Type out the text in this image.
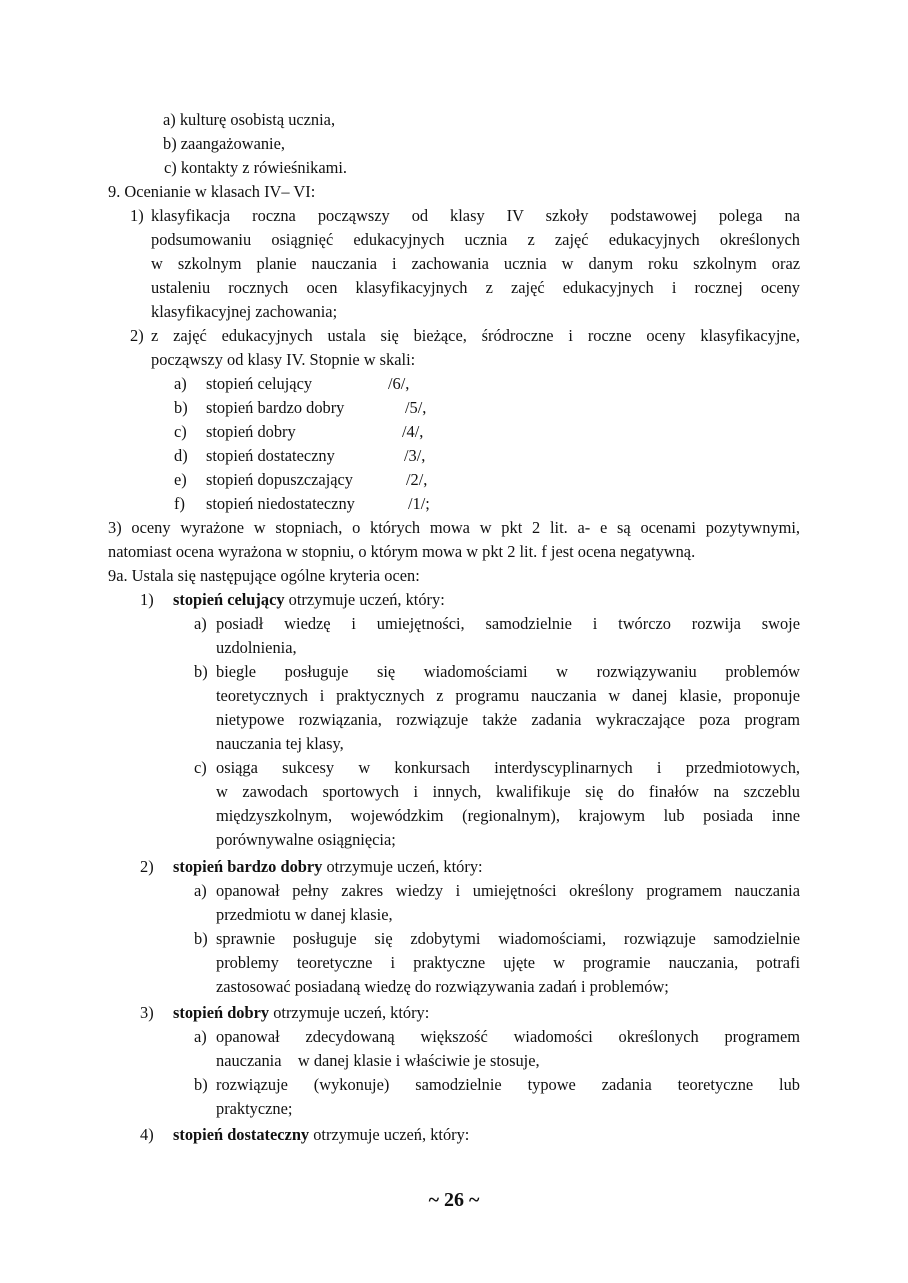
a) kulturę osobistą ucznia,
b) zaangażowanie,
c) kontakty z rówieśnikami.
9. Ocenianie w klasach IV– VI:
1) klasyfikacja roczna począwszy od klasy IV szkoły podstawowej polega na
podsumowaniu osiągnięć edukacyjnych ucznia z zajęć edukacyjnych określonych
w szkolnym planie nauczania i zachowania ucznia w danym roku szkolnym oraz
ustaleniu rocznych ocen klasyfikacyjnych z zajęć edukacyjnych i rocznej oceny
klasyfikacyjnej zachowania;
2) z zajęć edukacyjnych ustala się bieżące, śródroczne i roczne oceny klasyfikacyjne,
począwszy od klasy IV. Stopnie w skali:
a) stopień celujący	/6/,
b) stopień bardzo dobry	/5/,
c) stopień dobry	/4/,
d) stopień dostateczny	/3/,
e) stopień dopuszczający	/2/,
f) stopień niedostateczny	/1/;
3) oceny wyrażone w stopniach, o których mowa w pkt 2 lit. a- e są ocenami pozytywnymi,
natomiast ocena wyrażona w stopniu, o którym mowa w pkt 2 lit. f jest ocena negatywną.
9a. Ustala się następujące ogólne kryteria ocen:
1) stopień celujący otrzymuje uczeń, który:
a) posiadł wiedzę i umiejętności, samodzielnie i twórczo rozwija swoje
uzdolnienia,
b) biegle posługuje się wiadomościami w rozwiązywaniu problemów
teoretycznych i praktycznych z programu nauczania w danej klasie, proponuje
nietypowe rozwiązania, rozwiązuje także zadania wykraczające poza program
nauczania tej klasy,
c) osiąga sukcesy w konkursach interdyscyplinarnych i przedmiotowych,
w zawodach sportowych i innych, kwalifikuje się do finałów na szczeblu
międzyszkolnym, wojewódzkim (regionalnym), krajowym lub posiada inne
porównywalne osiągnięcia;
2) stopień bardzo dobry otrzymuje uczeń, który:
a) opanował pełny zakres wiedzy i umiejętności określony programem nauczania
przedmiotu w danej klasie,
b) sprawnie posługuje się zdobytymi wiadomościami, rozwiązuje samodzielnie
problemy teoretyczne i praktyczne ujęte w programie nauczania, potrafi
zastosować posiadaną wiedzę do rozwiązywania zadań i problemów;
3) stopień dobry otrzymuje uczeń, który:
a) opanował zdecydowaną większość wiadomości określonych programem
nauczania    w danej klasie i właściwie je stosuje,
b) rozwiązuje (wykonuje) samodzielnie typowe zadania teoretyczne lub
praktyczne;
4) stopień dostateczny otrzymuje uczeń, który:
~ 26 ~
